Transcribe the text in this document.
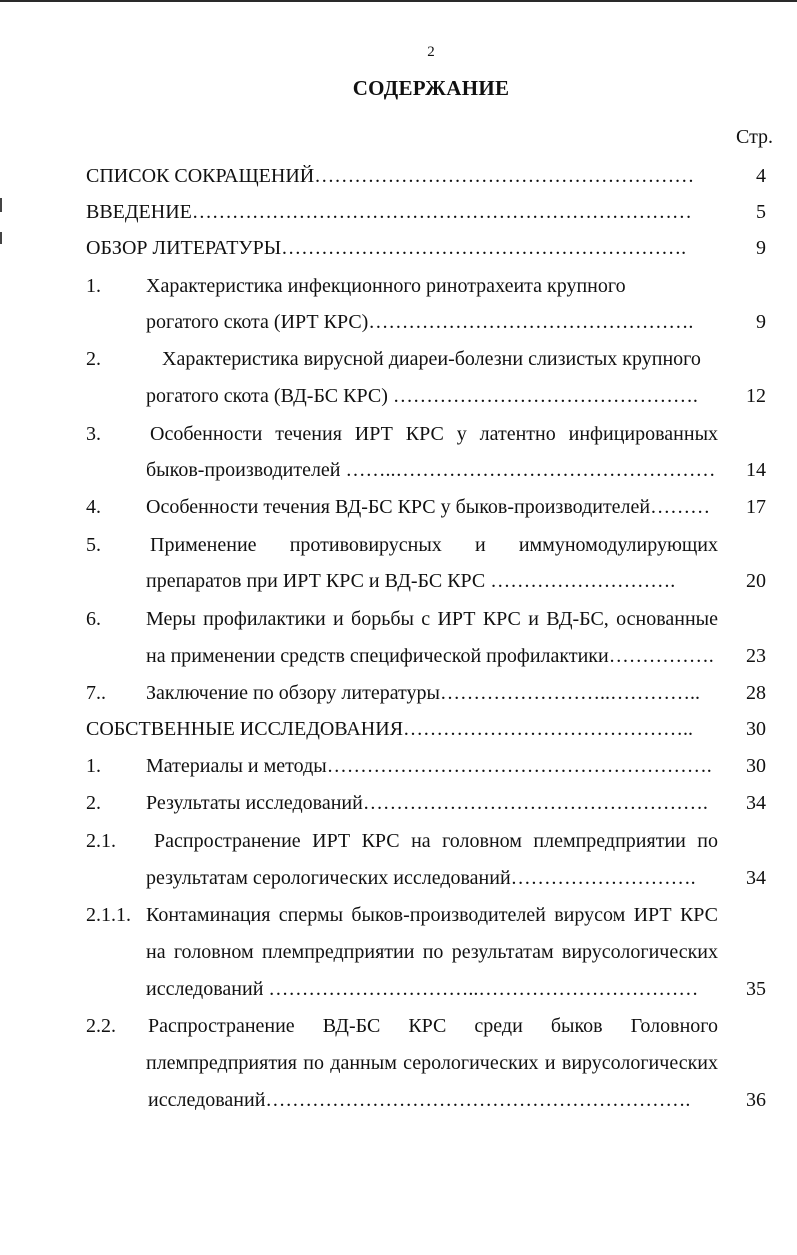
2
СОДЕРЖАНИЕ
Стр.
СПИСОК СОКРАЩЕНИЙ…………………………………………………	4
ВВЕДЕНИЕ…………………………………………………………………	5
ОБЗОР ЛИТЕРАТУРЫ…………………………………………………….	9
1. Характеристика инфекционного ринотрахеита крупного
рогатого скота (ИРТ КРС)………………………………………….	9
2.	Характеристика вирусной диареи-болезни слизистых крупного
рогатого скота (ВД-БС КРС) ……………………………………….	12
3. Особенности течения ИРТ КРС у латентно инфицированных
быков-производителей ……..…………………………………………	14
4. Особенности течения ВД-БС КРС у быков-производителей………	17
5. Применение противовирусных и иммуномодулирующих
препаратов при ИРТ КРС и ВД-БС КРС ……………………….	20
6. Меры профилактики и борьбы с ИРТ КРС и ВД-БС, основанные
на применении средств специфической профилактики…………….	23
7.. Заключение по обзору литературы……………………..…………..	28
СОБСТВЕННЫЕ ИССЛЕДОВАНИЯ……………………………………..	30
1. Материалы и методы………………………………………………….	30
2. Результаты исследований…………………………………………….	34
2.1. Распространение ИРТ КРС на головном племпредприятии по
результатам серологических исследований……………………….	34
2.1.1. Контаминация спермы быков-производителей вирусом ИРТ КРС
на головном племпредприятии по результатам вирусологических
исследований …………………………..……………………………	35
2.2. Распространение ВД-БС КРС среди быков Головного
племпредприятия по данным серологических и вирусологических
исследований……………………………………………………….	36
